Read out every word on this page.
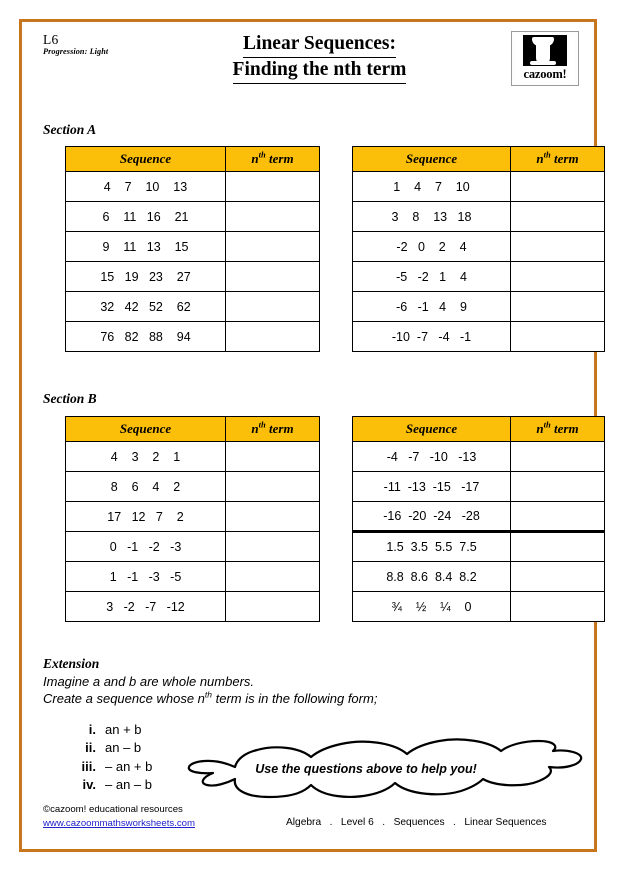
L6
Progression: Light	Linear Sequences:
Finding the nth term	cazoom!
Section A
Sequence	$n^{th}$ term
4    7    10    13	
6    11   16    21	
9    11   13    15	
15   19   23    27	
32   42   52    62	
76   82   88    94	
Sequence	$n^{th}$ term
1    4    7    10	
3    8    13   18	
-2   0    2    4	
-5   -2   1    4	
-6   -1   4    9	
-10  -7   -4   -1	
Section B
Sequence	$n^{th}$ term
4    3    2    1	
8    6    4    2	
17   12   7    2	
0   -1   -2   -3	
1   -1   -3   -5	
3   -2   -7   -12	
Sequence	$n^{th}$ term
-4   -7   -10   -13	
-11  -13  -15   -17	
-16  -20  -24   -28	
1.5  3.5  5.5  7.5	
8.8  8.6  8.4  8.2	
¾    ½    ¼    0	
Extension
Imagine a and b are whole numbers.
Create a sequence whose $n^{th}$ term is in the following form;
i. an + b
ii. an – b
iii. – an + b
iv. – an – b
Use the questions above to help you!
©cazoom! educational resources
www.cazoommathsworksheets.com	Algebra   .   Level 6   .   Sequences   .   Linear Sequences
